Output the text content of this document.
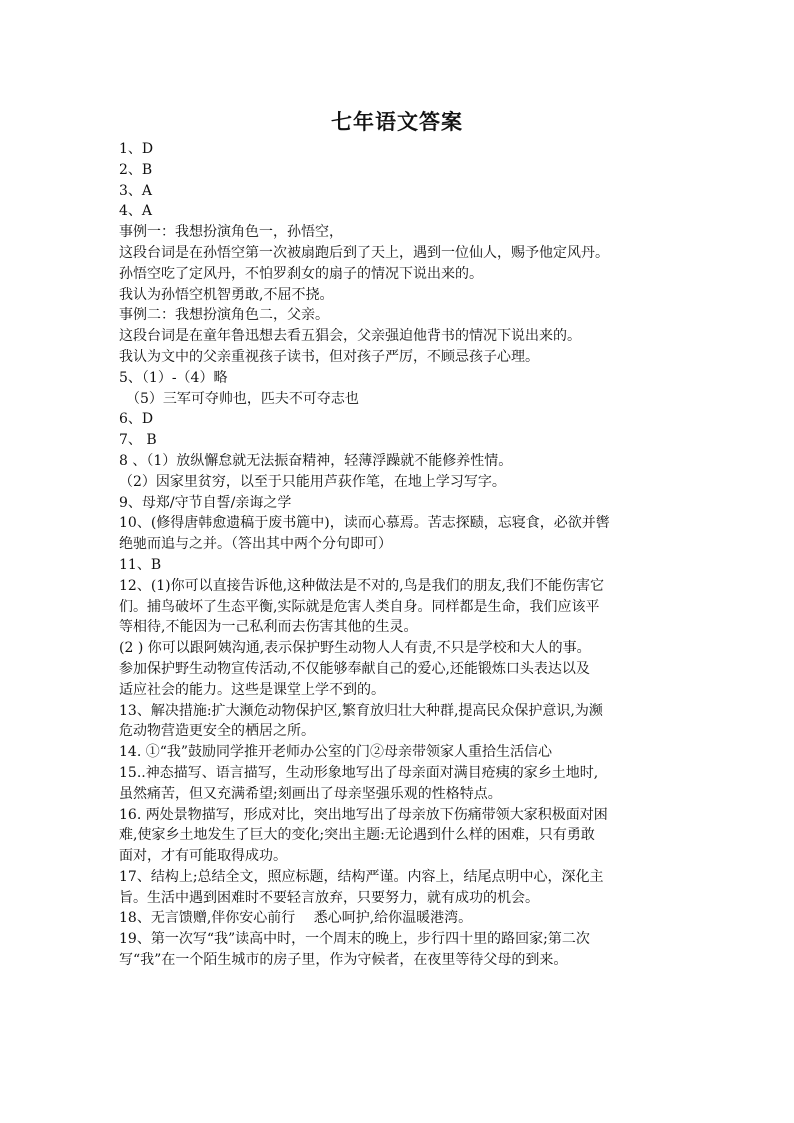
七年语文答案
1、D
2、B
3、A
4、A
事例一：我想扮演角色一，孙悟空，
这段台词是在孙悟空第一次被扇跑后到了天上，遇到一位仙人，赐予他定风丹。
孙悟空吃了定风丹，不怕罗刹女的扇子的情况下说出来的。
我认为孙悟空机智勇敢,不屈不挠。
事例二：我想扮演角色二，父亲。
这段台词是在童年鲁迅想去看五猖会，父亲强迫他背书的情况下说出来的。
我认为文中的父亲重视孩子读书，但对孩子严厉，不顾忌孩子心理。
5、（1）-（4）略
　（5）三军可夺帅也，匹夫不可夺志也
6、D
7、 B
8 、（1）放纵懈怠就无法振奋精神，轻薄浮躁就不能修养性情。
（2）因家里贫穷，以至于只能用芦荻作笔，在地上学习写字。
9、母郑/守节自誓/亲诲之学
10、(修得唐韩愈遗稿于废书簏中)，读而心慕焉。苦志探赜，忘寝食，必欲并辔
绝驰而追与之并。（答出其中两个分句即可）
11、B
12、(1)你可以直接告诉他,这种做法是不对的,鸟是我们的朋友,我们不能伤害它
们。捕鸟破坏了生态平衡,实际就是危害人类自身。同样都是生命，我们应该平
等相待,不能因为一己私利而去伤害其他的生灵。
(2 ) 你可以跟阿姨沟通,表示保护野生动物人人有责,不只是学校和大人的事。
参加保护野生动物宣传活动,不仅能够奉献自己的爱心,还能锻炼口头表达以及
适应社会的能力。这些是课堂上学不到的。
13、解决措施:扩大濒危动物保护区,繁育放归壮大种群,提高民众保护意识,为濒
危动物营造更安全的栖居之所。
14. ①“我”鼓励同学推开老师办公室的门②母亲带领家人重拾生活信心
15..神态描写、语言描写，生动形象地写出了母亲面对满目疮痍的家乡土地时,
虽然痛苦，但又充满希望;刻画出了母亲坚强乐观的性格特点。
16. 两处景物描写，形成对比，突出地写出了母亲放下伤痛带领大家积极面对困
难,使家乡土地发生了巨大的变化;突出主题:无论遇到什么样的困难，只有勇敢
面对，才有可能取得成功。
17、结构上;总结全文，照应标题，结构严谨。内容上，结尾点明中心，深化主
旨。生活中遇到困难时不要轻言放弃，只要努力，就有成功的机会。
18、无言馈赠,伴你安心前行　 悉心呵护,给你温暖港湾。
19、第一次写“我”读高中时，一个周末的晚上，步行四十里的路回家;第二次
写“我”在一个陌生城市的房子里，作为守候者，在夜里等待父母的到来。
